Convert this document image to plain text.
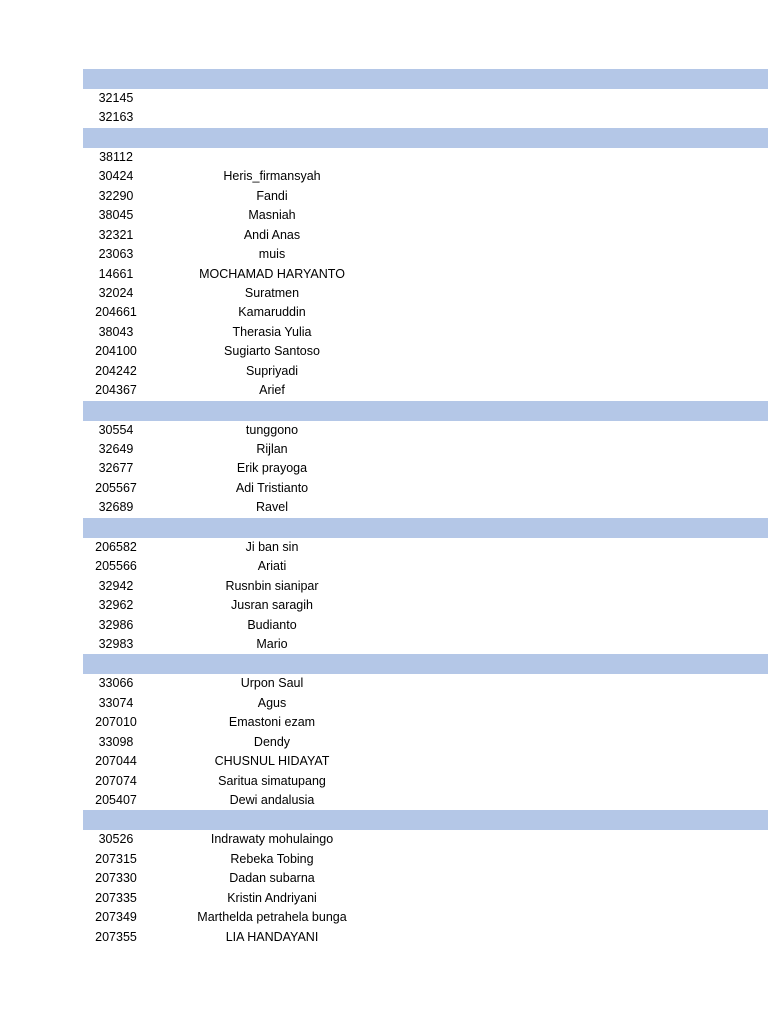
32145
32163
38112
30424	Heris_firmansyah
32290	Fandi
38045	Masniah
32321	Andi Anas
23063	muis
14661	MOCHAMAD HARYANTO
32024	Suratmen
204661	Kamaruddin
38043	Therasia Yulia
204100	Sugiarto Santoso
204242	Supriyadi
204367	Arief
30554	tunggono
32649	Rijlan
32677	Erik prayoga
205567	Adi Tristianto
32689	Ravel
206582	Ji ban sin
205566	Ariati
32942	Rusnbin sianipar
32962	Jusran saragih
32986	Budianto
32983	Mario
33066	Urpon Saul
33074	Agus
207010	Emastoni ezam
33098	Dendy
207044	CHUSNUL HIDAYAT
207074	Saritua simatupang
205407	Dewi andalusia
30526	Indrawaty mohulaingo
207315	Rebeka Tobing
207330	Dadan subarna
207335	Kristin Andriyani
207349	Marthelda petrahela bunga
207355	LIA HANDAYANI
